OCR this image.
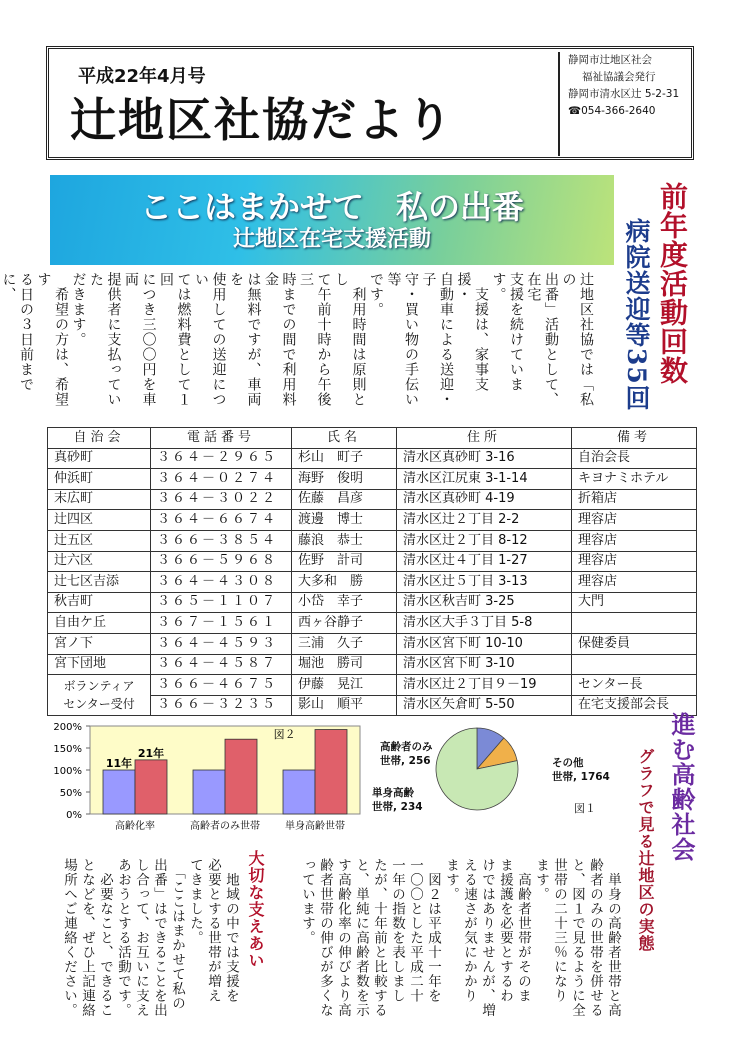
平成22年4月号
辻地区社協だより
静岡市辻地区社会
福祉協議会発行
静岡市清水区辻 5-2-31
☎054-366-2640
ここはまかせて　私の出番
辻地区在宅支援活動	前年度活動回数
病院送迎等35回
辻地区社協では「私の
出番」活動として、在宅
支援を続けています。
　支援は、家事支援・
自動車による送迎・子
守・買い物の手伝い等
です。
　利用時間は原則とし
て午前十時から午後三
時までの間で利用料金
は無料ですが、車両を
使用しての送迎につい
ては燃料費として１回
につき三〇〇円を車両
提供者に支払っていた
だきます。
　希望の方は、希望す
る日の３日前までに、

自治会	電話番号	氏名	住所	備考
真砂町	３６４－２９６５	杉山　町子	清水区真砂町 3-16	自治会長
仲浜町	３６４－０２７４	海野　俊明	清水区江尻東 3-1-14	キヨナミホテル
末広町	３６４－３０２２	佐藤　昌彦	清水区真砂町 4-19	折箱店
辻四区	３６４－６６７４	渡邊　博士	清水区辻２丁目 2-2	理容店
辻五区	３６６－３８５４	藤浪　恭士	清水区辻２丁目 8-12	理容店
辻六区	３６６－５９６８	佐野　計司	清水区辻４丁目 1-27	理容店
辻七区吉添	３６４－４３０８	大多和　勝	清水区辻５丁目 3-13	理容店
秋吉町	３６５－１１０７	小岱　幸子	清水区秋吉町 3-25	大門
自由ケ丘	３６７－１５６１	西ヶ谷静子	清水区大手３丁目 5-8	
宮ノ下	３６４－４５９３	三浦　久子	清水区宮下町 10-10	保健委員
宮下団地	３６４－４５８７	堀池　勝司	清水区宮下町 3-10	
ボランティア
センター受付	３６６－４６７５	伊藤　晃江	清水区辻２丁目９－19	センター長
	３６６－３２３５	影山　順平	清水区矢倉町 5-50	在宅支援部会長
0%
50%
100%
150%
200%
11年
21年
高齢化率	高齢者のみ世帯	単身高齢世帯
図２
高齢者のみ
世帯, 256
単身高齢
世帯, 234
その他
世帯, 1764
図１	進む高齢社会
グラフで見る辻地区の実態
　単身の高齢者世帯と高
齢者のみの世帯を併せる
と、図１で見るように全
世帯の二十三％になり
ます。
　高齢者世帯がそのま
ま援護を必要とするわ
けではありませんが、増
える速さが気にかかり
ます。
　図２は平成十一年を
一〇〇とした平成二十
一年の指数を表しまし
たが、十年前と比較する
と、単純に高齢者数を示
す高齢化率の伸びより高
齢者世帯の伸びが多くな
っています。
大切な支えあい
　地域の中では支援を
必要とする世帯が増え
てきました。
　「ここはまかせて私の
出番」はできることを出
し合って、お互いに支え
あおうとする活動です。
　必要なこと、できるこ
となどを、ぜひ上記連絡
場所へご連絡ください。
